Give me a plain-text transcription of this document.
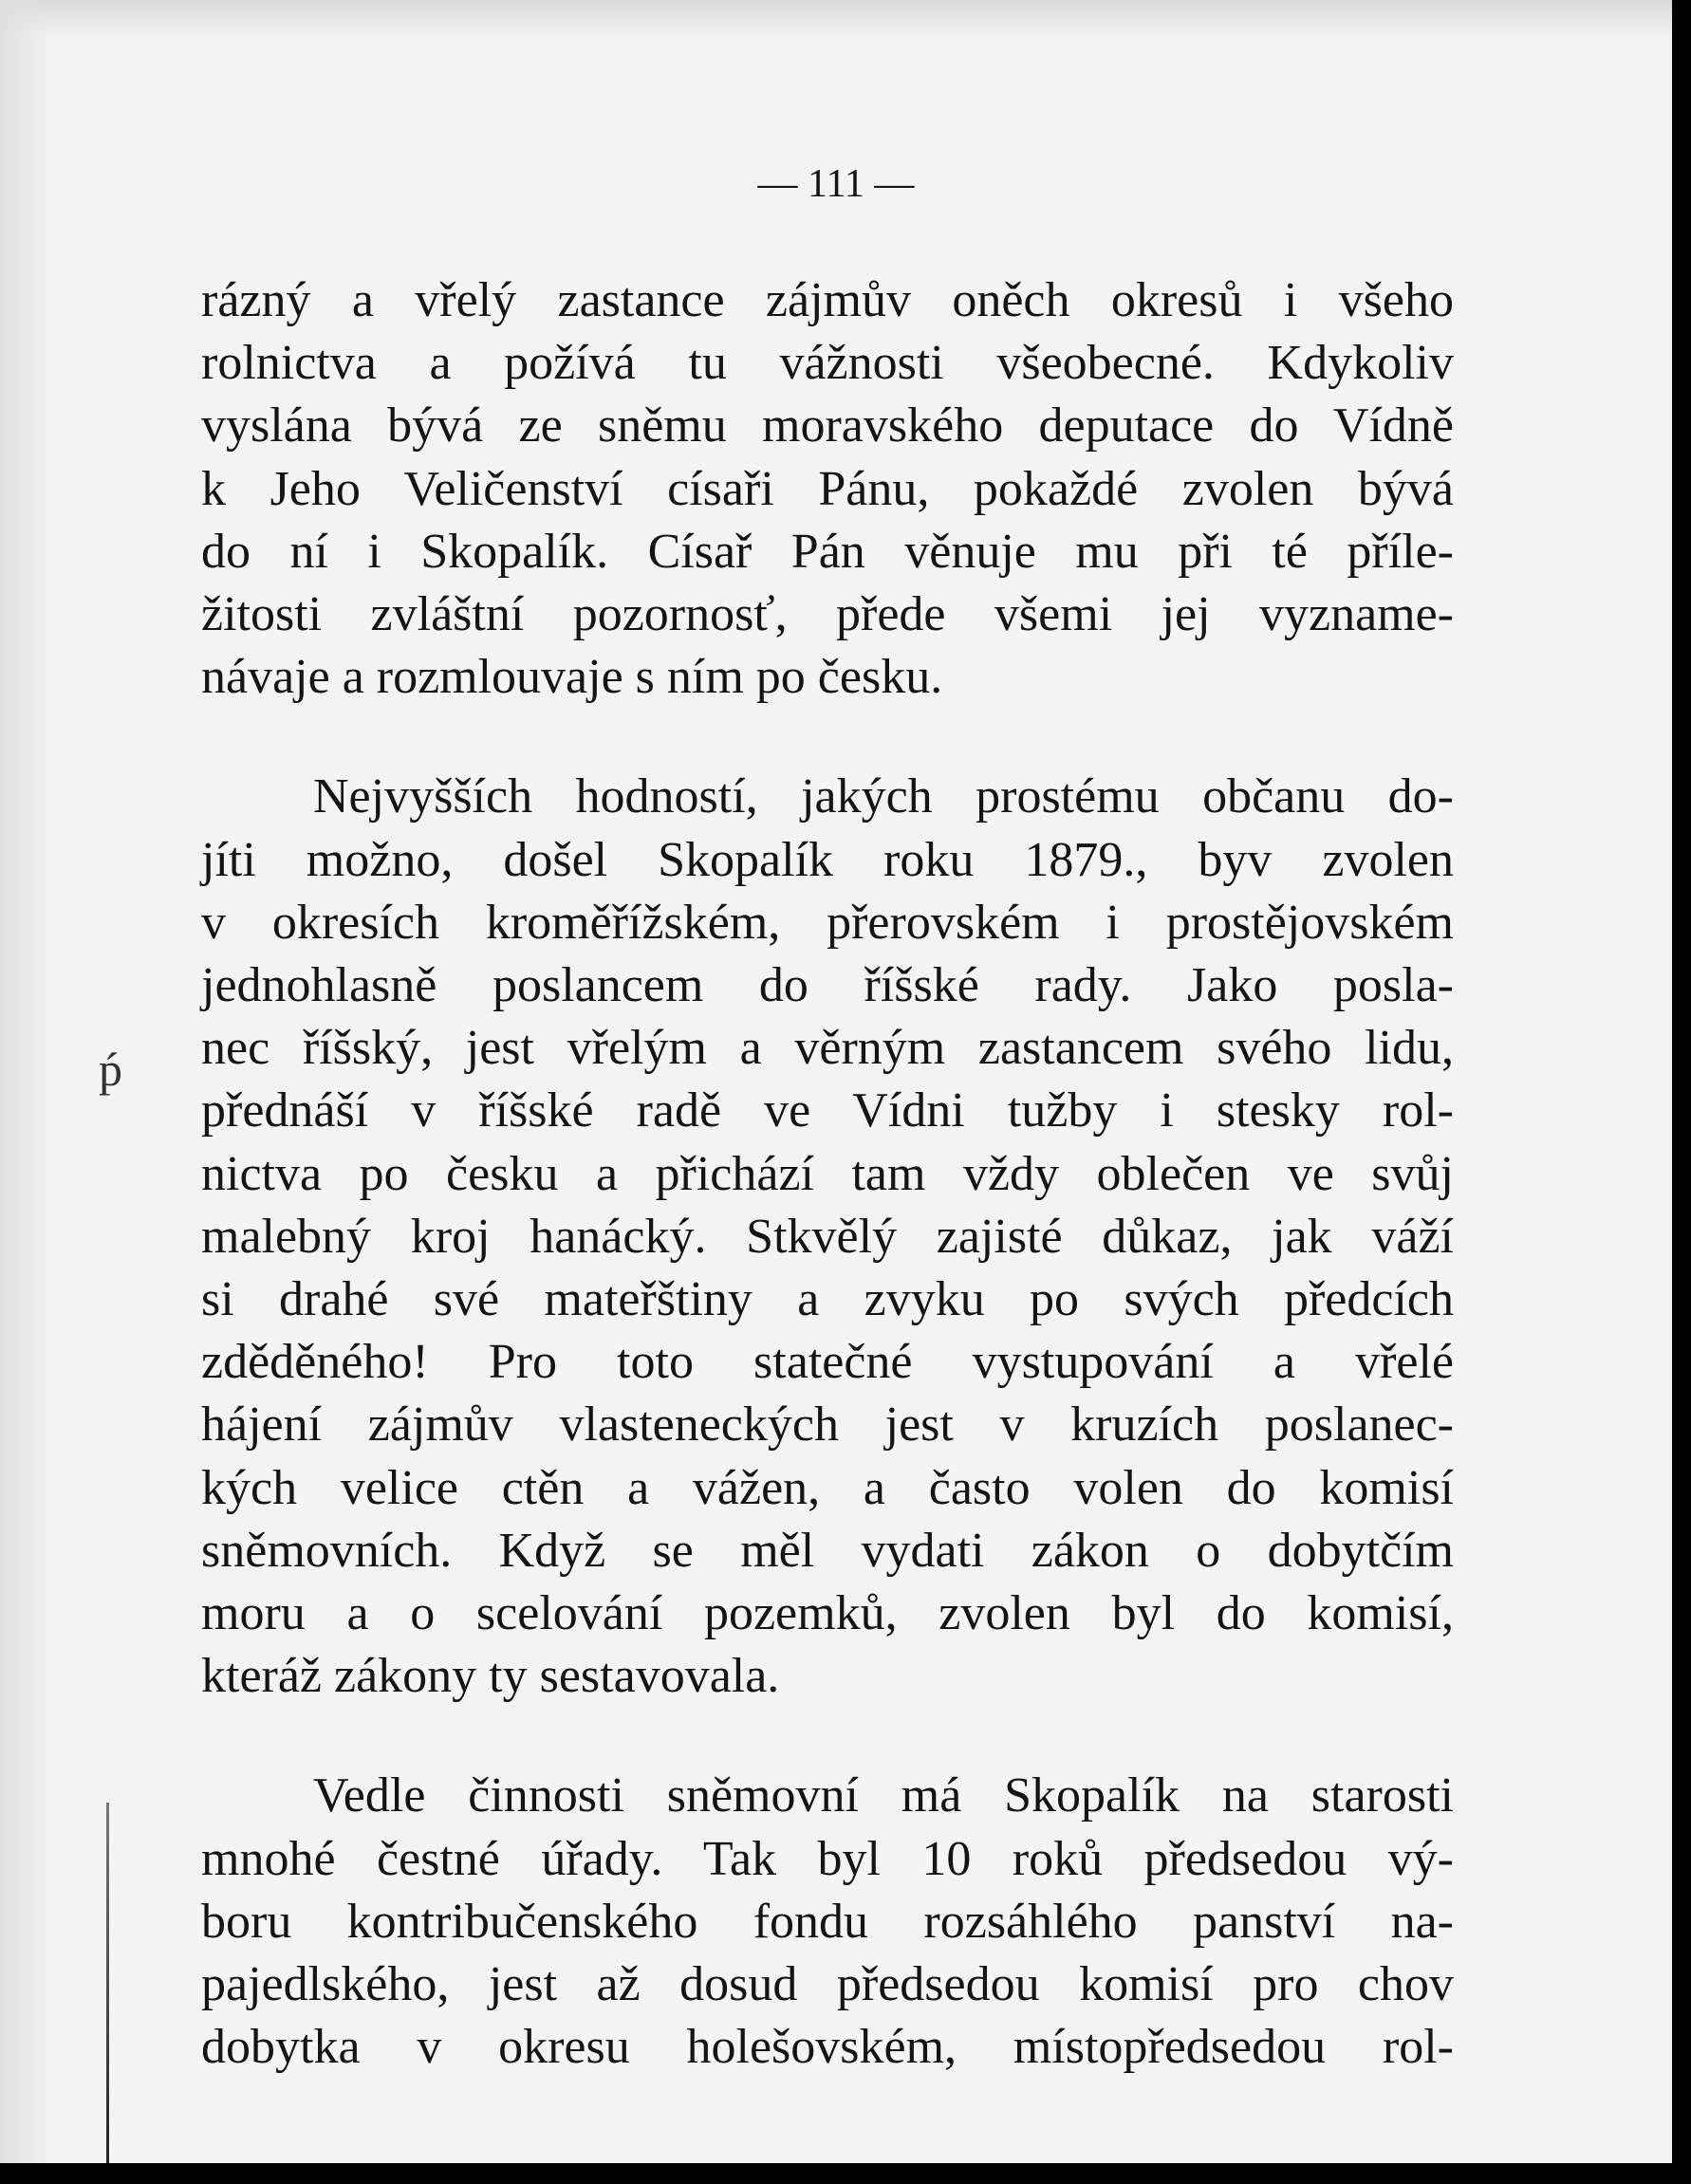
— 111 —
ṕ

rázný a vřelý zastance zájmův oněch okresů i všeho
rolnictva a požívá tu vážnosti všeobecné. Kdykoliv
vyslána bývá ze sněmu moravského deputace do Vídně
k Jeho Veličenství císaři Pánu, pokaždé zvolen bývá
do ní i Skopalík. Císař Pán věnuje mu při té příle-
žitosti zvláštní pozornosť, přede všemi jej vyzname-
návaje a rozmlouvaje s ním po česku.

Nejvyšších hodností, jakých prostému občanu do-
jíti možno, došel Skopalík roku 1879., byv zvolen
v okresích kroměřížském, přerovském i prostějovském
jednohlasně poslancem do říšské rady. Jako posla-
nec říšský, jest vřelým a věrným zastancem svého lidu,
přednáší v říšské radě ve Vídni tužby i stesky rol-
nictva po česku a přichází tam vždy oblečen ve svůj
malebný kroj hanácký. Stkvělý zajisté důkaz, jak váží
si drahé své mateřštiny a zvyku po svých předcích
zděděného! Pro toto statečné vystupování a vřelé
hájení zájmův vlasteneckých jest v kruzích poslanec-
kých velice ctěn a vážen, a často volen do komisí
sněmovních. Když se měl vydati zákon o dobytčím
moru a o scelování pozemků, zvolen byl do komisí,
kteráž zákony ty sestavovala.

Vedle činnosti sněmovní má Skopalík na starosti
mnohé čestné úřady. Tak byl 10 roků předsedou vý-
boru kontribučenského fondu rozsáhlého panství na-
pajedlského, jest až dosud předsedou komisí pro chov
dobytka v okresu holešovském, místopředsedou rol-
